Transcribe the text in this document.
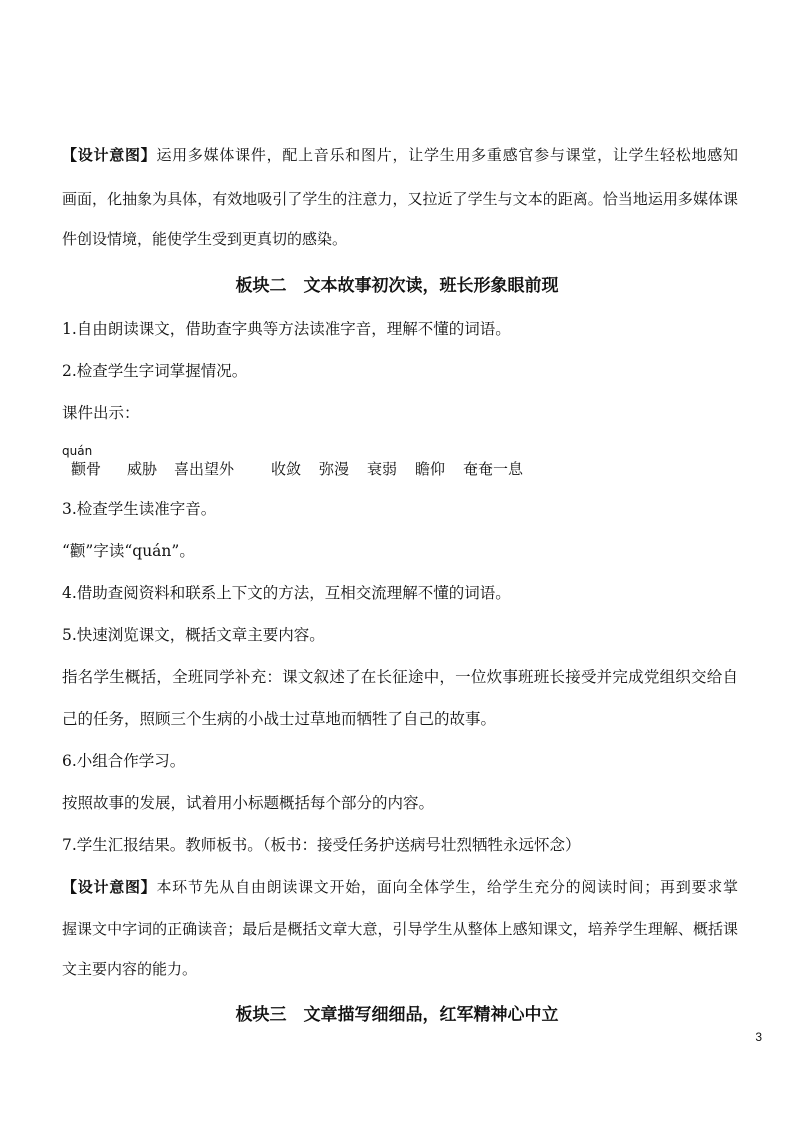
【设计意图】运用多媒体课件，配上音乐和图片，让学生用多重感官参与课堂，让学生轻松地感知
画面，化抽象为具体，有效地吸引了学生的注意力，又拉近了学生与文本的距离。恰当地运用多媒体课
件创设情境，能使学生受到更真切的感染。
板块二　文本故事初次读，班长形象眼前现
1.自由朗读课文，借助查字典等方法读准字音，理解不懂的词语。
2.检查学生字词掌握情况。
课件出示：
quán
颧骨 威胁 喜出望外 收敛 弥漫 衰弱 瞻仰 奄奄一息
3.检查学生读准字音。
“颧”字读“quán”。
4.借助查阅资料和联系上下文的方法，互相交流理解不懂的词语。
5.快速浏览课文，概括文章主要内容。
指名学生概括，全班同学补充：课文叙述了在长征途中，一位炊事班班长接受并完成党组织交给自
己的任务，照顾三个生病的小战士过草地而牺牲了自己的故事。
6.小组合作学习。
按照故事的发展，试着用小标题概括每个部分的内容。
7.学生汇报结果。教师板书。（板书：接受任务护送病号壮烈牺牲永远怀念）
【设计意图】本环节先从自由朗读课文开始，面向全体学生，给学生充分的阅读时间；再到要求掌
握课文中字词的正确读音；最后是概括文章大意，引导学生从整体上感知课文，培养学生理解、概括课
文主要内容的能力。
板块三　文章描写细细品，红军精神心中立
3
